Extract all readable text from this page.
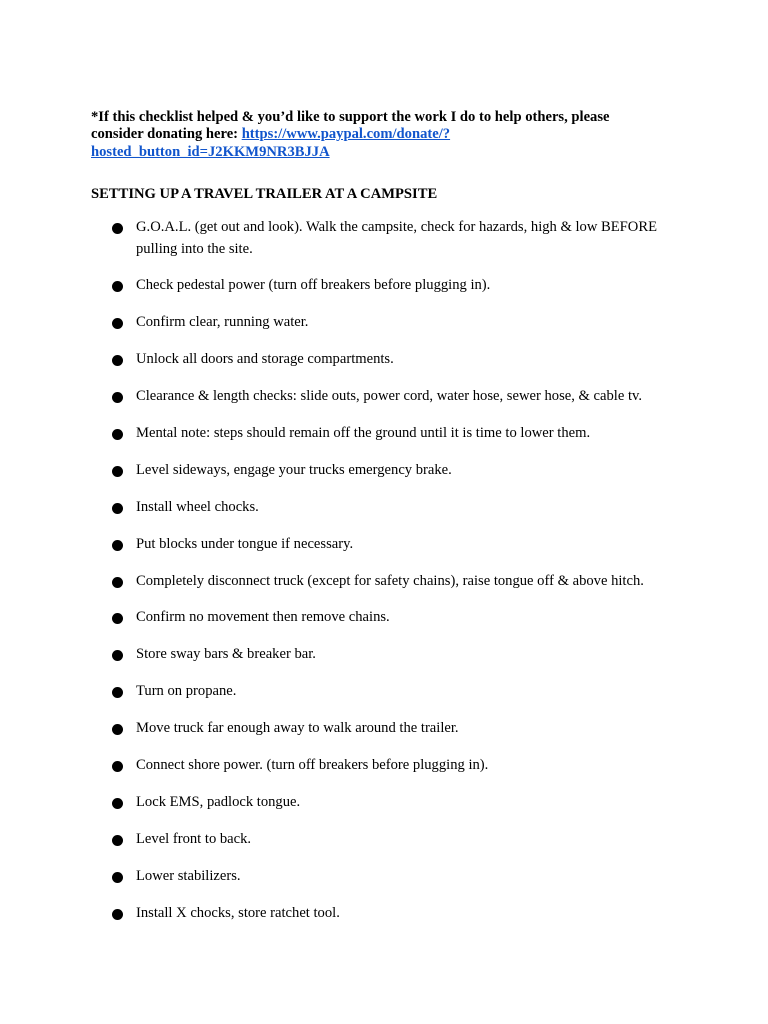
*If this checklist helped & you’d like to support the work I do to help others, please consider donating here: https://www.paypal.com/donate/?
hosted_button_id=J2KKM9NR3BJJA

SETTING UP A TRAVEL TRAILER AT A CAMPSITE
G.O.A.L. (get out and look). Walk the campsite, check for hazards, high & low BEFORE pulling into the site.
Check pedestal power (turn off breakers before plugging in).
Confirm clear, running water.
Unlock all doors and storage compartments.
Clearance & length checks: slide outs, power cord, water hose, sewer hose, & cable tv.
Mental note: steps should remain off the ground until it is time to lower them.
Level sideways, engage your trucks emergency brake.
Install wheel chocks.
Put blocks under tongue if necessary.
Completely disconnect truck (except for safety chains), raise tongue off & above hitch.
Confirm no movement then remove chains.
Store sway bars & breaker bar.
Turn on propane.
Move truck far enough away to walk around the trailer.
Connect shore power. (turn off breakers before plugging in).
Lock EMS, padlock tongue.
Level front to back.
Lower stabilizers.
Install X chocks, store ratchet tool.
